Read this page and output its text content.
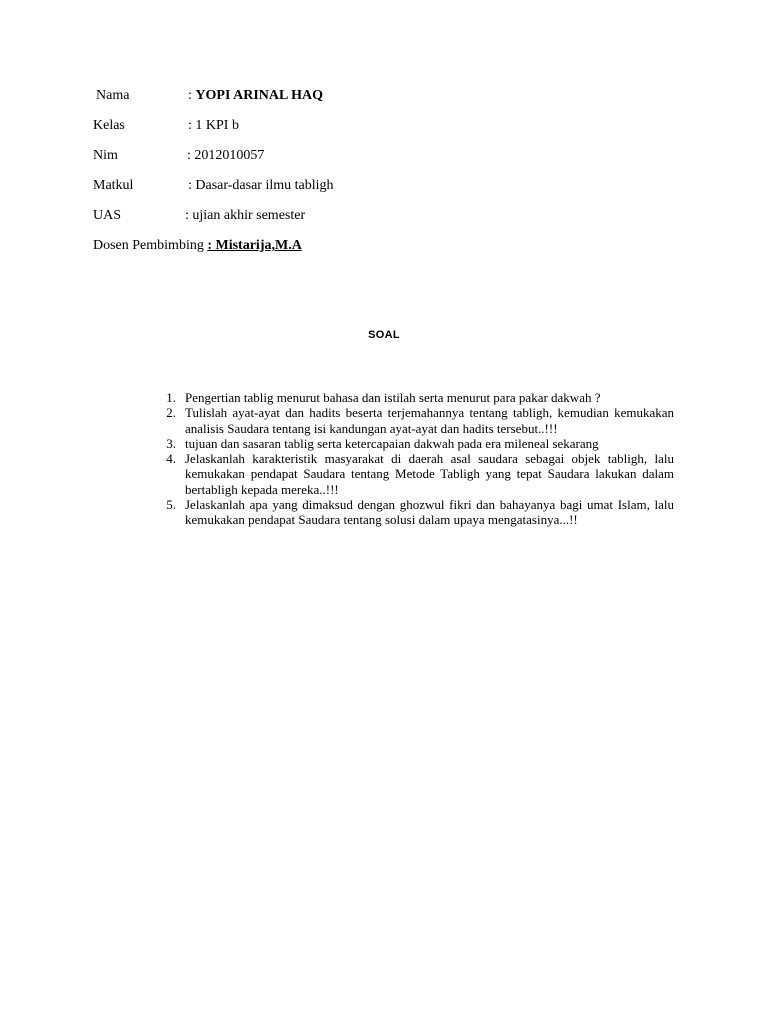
Nama	: YOPI ARINAL HAQ
Kelas	: 1 KPI b
Nim	: 2012010057
Matkul	: Dasar-dasar ilmu tabligh
UAS	: ujian akhir semester
Dosen Pembimbing : Mistarija,M.A
SOAL
1. Pengertian tablig menurut bahasa dan istilah serta menurut para pakar dakwah ?
2. Tulislah ayat-ayat dan hadits beserta terjemahannya tentang tabligh, kemudian kemukakan analisis Saudara tentang isi kandungan ayat-ayat dan hadits tersebut..!!!
3. tujuan dan sasaran tablig serta ketercapaian dakwah pada era mileneal sekarang
4. Jelaskanlah karakteristik masyarakat di daerah asal saudara sebagai objek tabligh, lalu kemukakan pendapat Saudara tentang Metode Tabligh yang tepat Saudara lakukan dalam bertabligh kepada mereka..!!!
5. Jelaskanlah apa yang dimaksud dengan ghozwul fikri dan bahayanya bagi umat Islam, lalu kemukakan pendapat Saudara tentang solusi dalam upaya mengatasinya...!!
